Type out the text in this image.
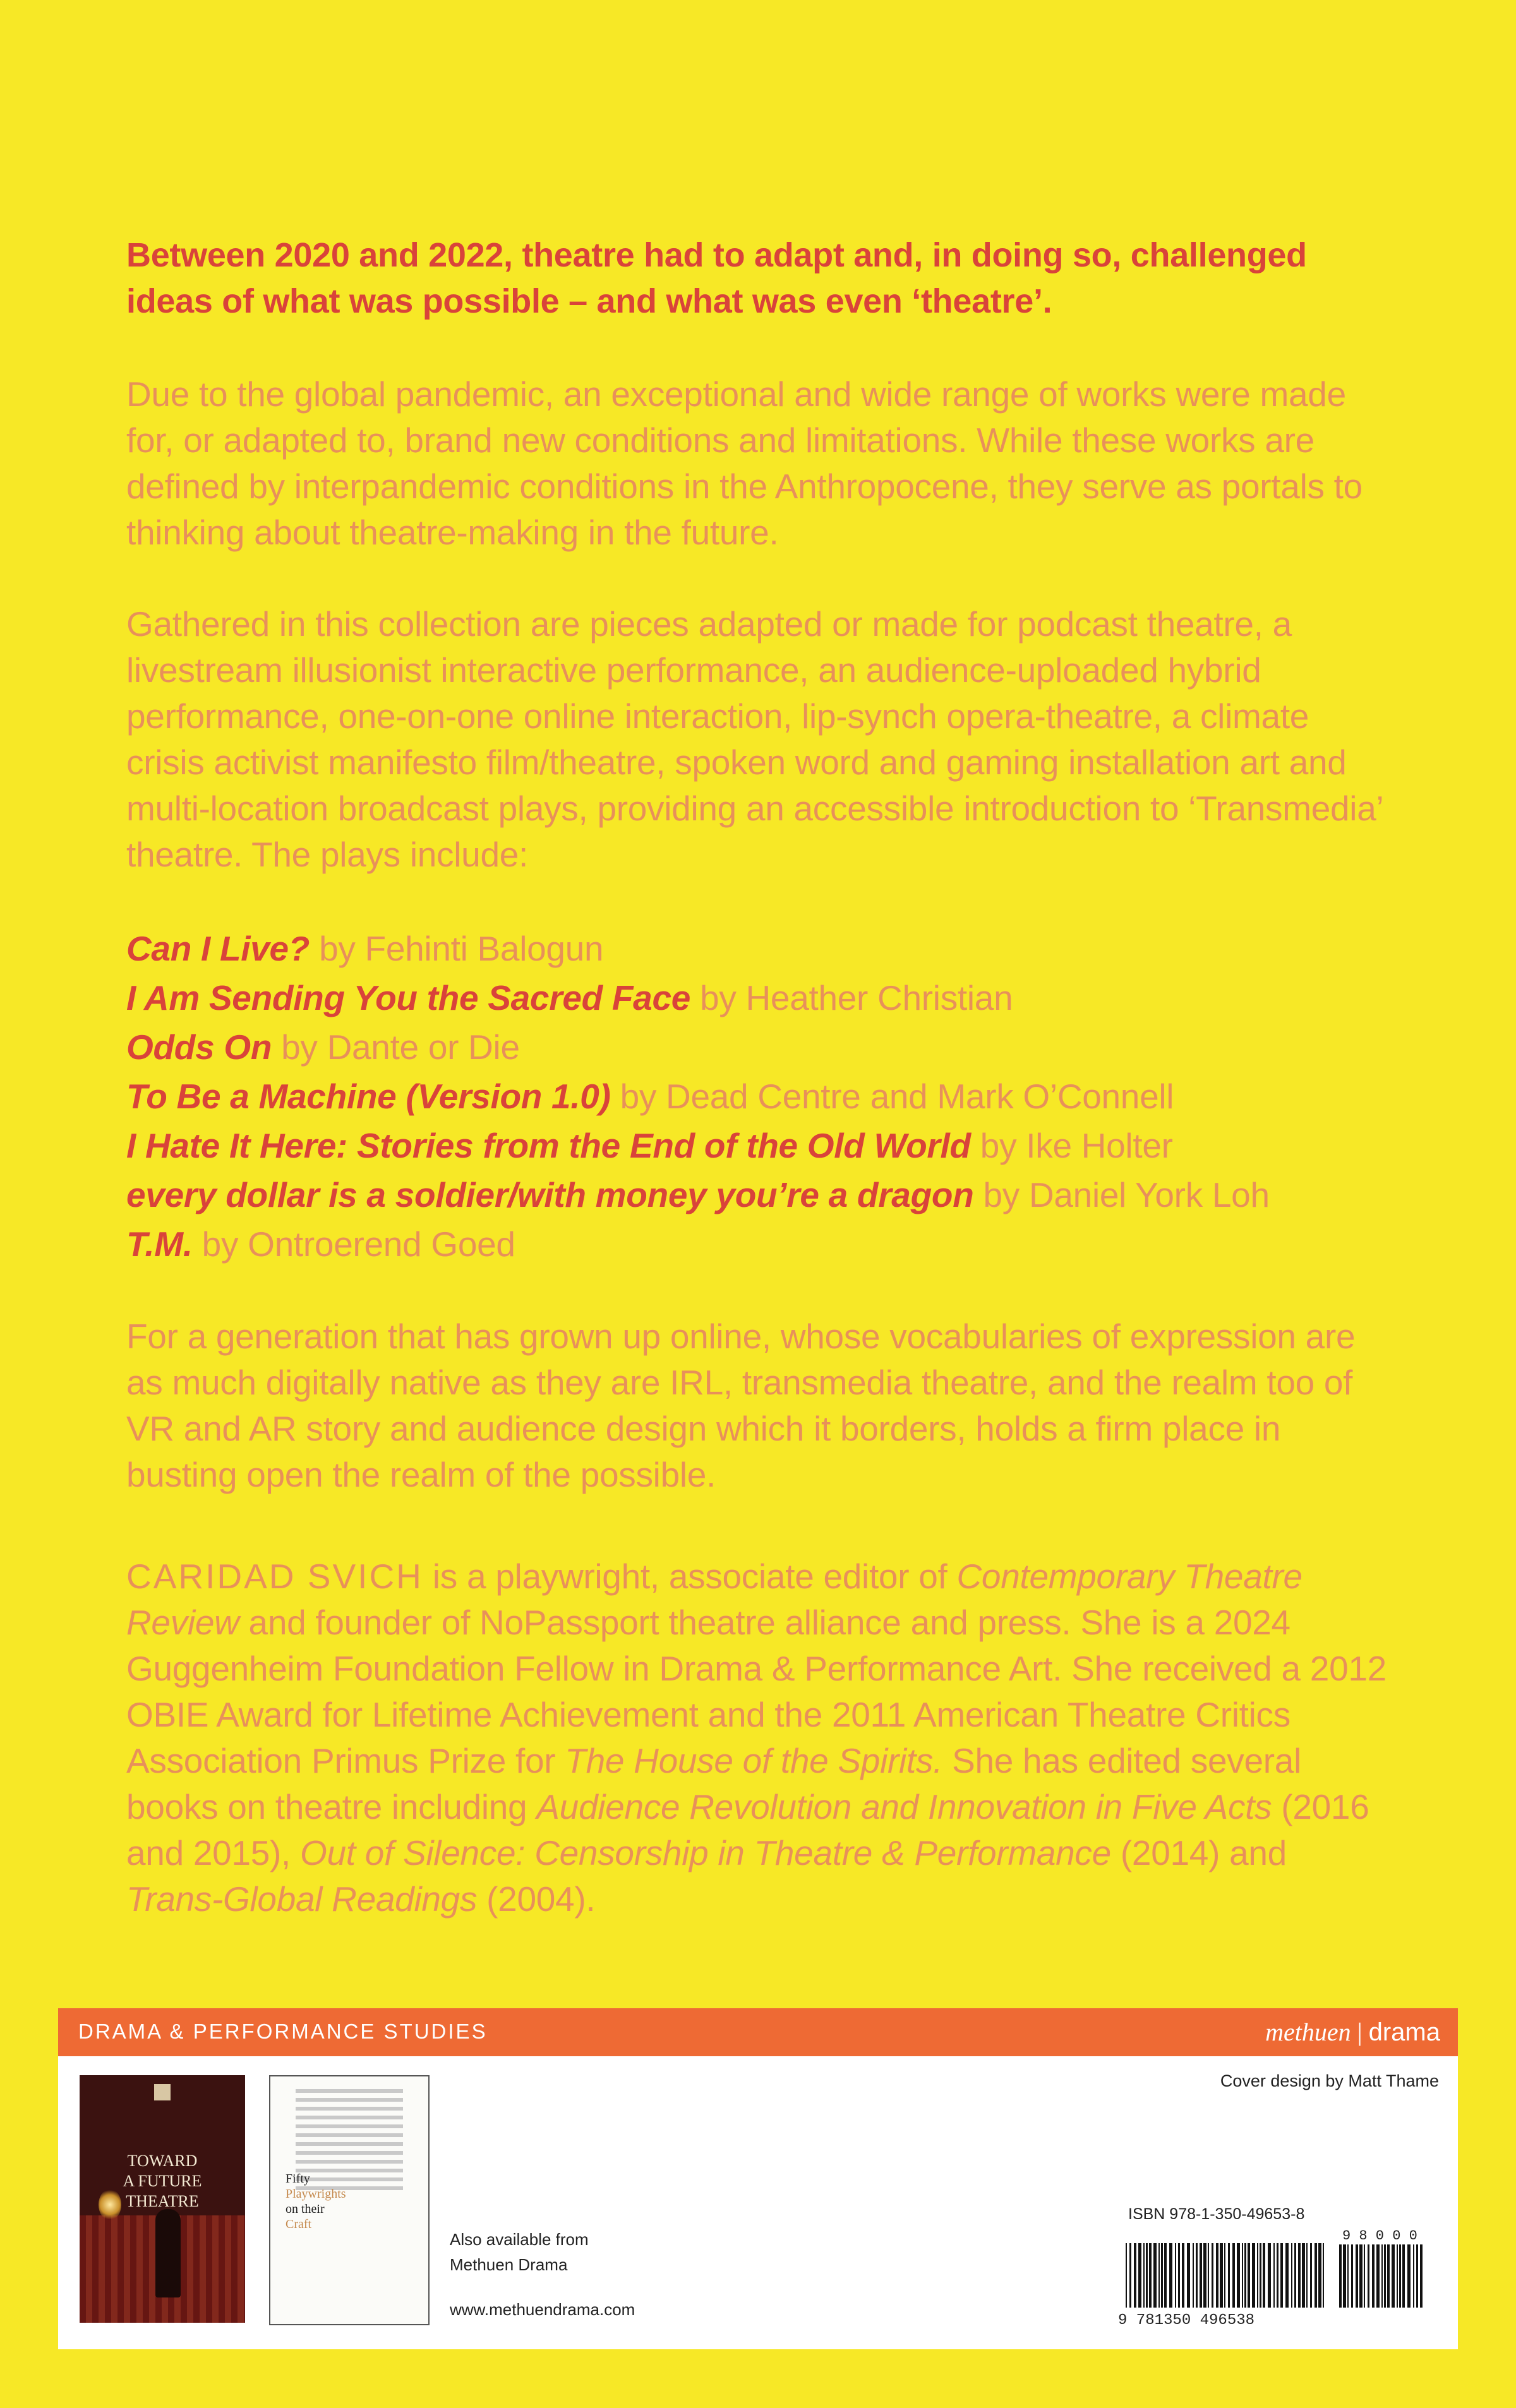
Between 2020 and 2022, theatre had to adapt and, in doing so, challenged ideas of what was possible – and what was even ‘theatre’.

Due to the global pandemic, an exceptional and wide range of works were made for, or adapted to, brand new conditions and limitations. While these works are defined by interpandemic conditions in the Anthropocene, they serve as portals to thinking about theatre-making in the future.

Gathered in this collection are pieces adapted or made for podcast theatre, a livestream illusionist interactive performance, an audience-uploaded hybrid performance, one-on-one online interaction, lip-synch opera-theatre, a climate crisis activist manifesto film/theatre, spoken word and gaming installation art and multi-location broadcast plays, providing an accessible introduction to ‘Transmedia’ theatre. The plays include:

Can I Live? by Fehinti Balogun
I Am Sending You the Sacred Face by Heather Christian
Odds On by Dante or Die
To Be a Machine (Version 1.0) by Dead Centre and Mark O’Connell
I Hate It Here: Stories from the End of the Old World by Ike Holter
every dollar is a soldier/with money you’re a dragon by Daniel York Loh
T.M. by Ontroerend Goed

For a generation that has grown up online, whose vocabularies of expression are as much digitally native as they are IRL, transmedia theatre, and the realm too of VR and AR story and audience design which it borders, holds a firm place in busting open the realm of the possible.

CARIDAD SVICH is a playwright, associate editor of Contemporary Theatre Review and founder of NoPassport theatre alliance and press. She is a 2024 Guggenheim Foundation Fellow in Drama & Performance Art. She received a 2012 OBIE Award for Lifetime Achievement and the 2011 American Theatre Critics Association Primus Prize for The House of the Spirits. She has edited several books on theatre including Audience Revolution and Innovation in Five Acts (2016 and 2015), Out of Silence: Censorship in Theatre & Performance (2014) and Trans-Global Readings (2004).

DRAMA & PERFORMANCE STUDIES	methuen | drama
TOWARD
A FUTURE
THEATRE
Fifty
Playwrights
on their
Craft
Also available from
Methuen Drama
www.methuendrama.com
Cover design by Matt Thame
ISBN 978-1-350-49653-8
9 8 0 0 0
9 781350 496538
